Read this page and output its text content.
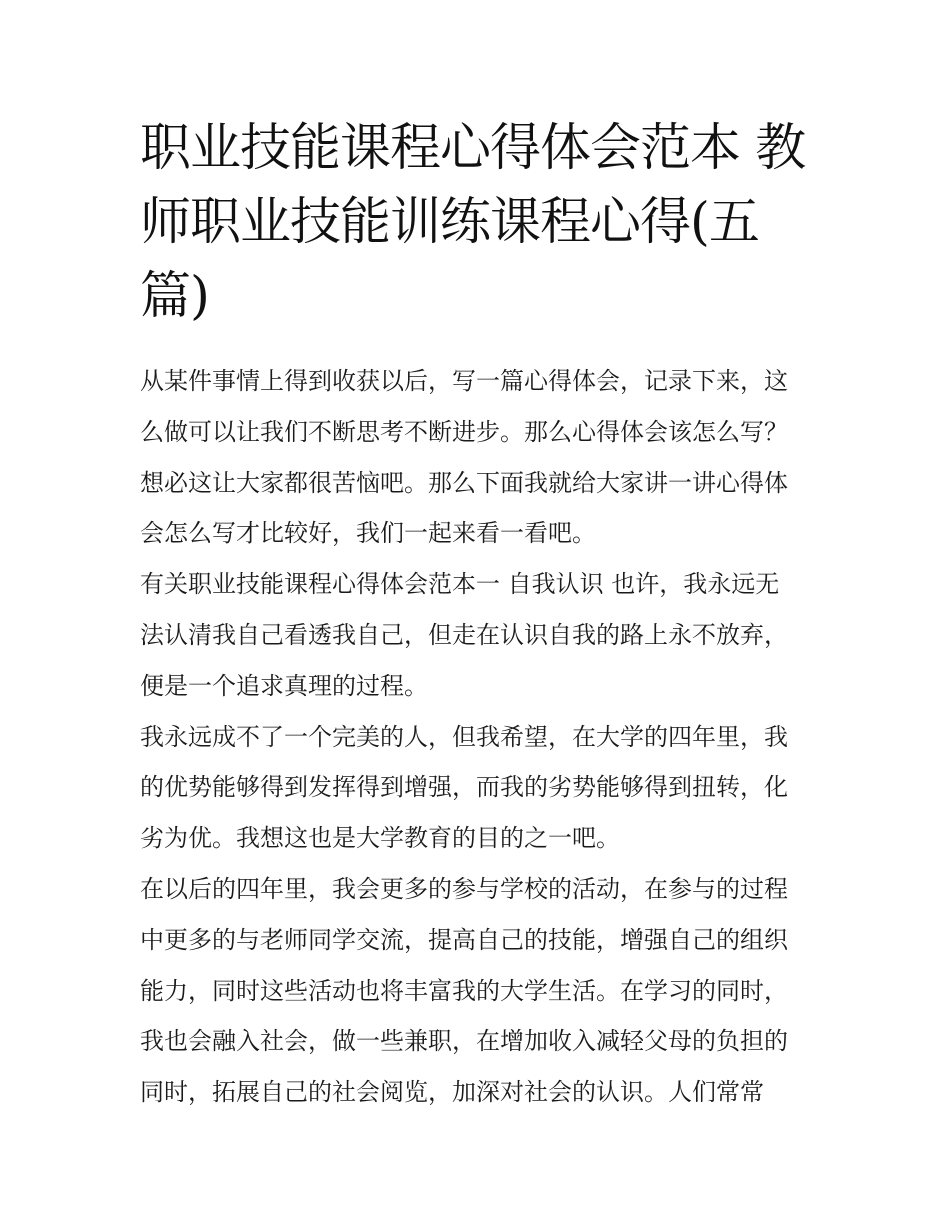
职业技能课程心得体会范本 教
师职业技能训练课程心得(五
篇)
从某件事情上得到收获以后，写一篇心得体会，记录下来，这
么做可以让我们不断思考不断进步。那么心得体会该怎么写？
想必这让大家都很苦恼吧。那么下面我就给大家讲一讲心得体
会怎么写才比较好，我们一起来看一看吧。
有关职业技能课程心得体会范本一 自我认识 也许，我永远无
法认清我自己看透我自己，但走在认识自我的路上永不放弃，
便是一个追求真理的过程。
我永远成不了一个完美的人，但我希望，在大学的四年里，我
的优势能够得到发挥得到增强，而我的劣势能够得到扭转，化
劣为优。我想这也是大学教育的目的之一吧。
在以后的四年里，我会更多的参与学校的活动，在参与的过程
中更多的与老师同学交流，提高自己的技能，增强自己的组织
能力，同时这些活动也将丰富我的大学生活。在学习的同时，
我也会融入社会，做一些兼职，在增加收入减轻父母的负担的
同时，拓展自己的社会阅览，加深对社会的认识。人们常常
